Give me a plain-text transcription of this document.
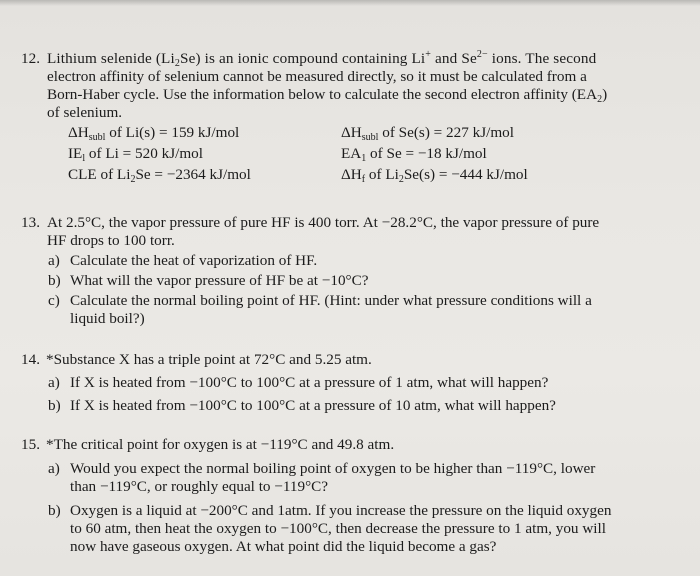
12. Lithium selenide $(Li_2Se)$ is an ionic compound containing Li+ and $Se^{2-}$ ions. The second
electron affinity of selenium cannot be measured directly, so it must be calculated from a
Born-Haber cycle. Use the information below to calculate the second electron affinity $(EA_2)$
of selenium.
$\Delta H_{subl}$ of Li(s) = 159 kJ/mol
$IE_l$ of Li = 520 kJ/mol
CLE of $Li_2Se = -2364$ kJ/mol
$\Delta H_{subl}$ of Se(s) = 227 kJ/mol
$EA_1$ of Se = −18 kJ/mol
$\Delta H_f$ of $Li_2Se(s) = -444$ kJ/mol
13. At 2.5°C, the vapor pressure of pure HF is 400 torr. At −28.2°C, the vapor pressure of pure
HF drops to 100 torr.
a) Calculate the heat of vaporization of HF.
b) What will the vapor pressure of HF be at −10°C?
c) Calculate the normal boiling point of HF. (Hint: under what pressure conditions will a
liquid boil?)
14. *Substance X has a triple point at 72°C and 5.25 atm.
a) If X is heated from −100°C to 100°C at a pressure of 1 atm, what will happen?
b) If X is heated from −100°C to 100°C at a pressure of 10 atm, what will happen?
15. *The critical point for oxygen is at −119°C and 49.8 atm.
a) Would you expect the normal boiling point of oxygen to be higher than −119°C, lower
than −119°C, or roughly equal to −119°C?
b) Oxygen is a liquid at −200°C and 1atm. If you increase the pressure on the liquid oxygen
to 60 atm, then heat the oxygen to −100°C, then decrease the pressure to 1 atm, you will
now have gaseous oxygen. At what point did the liquid become a gas?
